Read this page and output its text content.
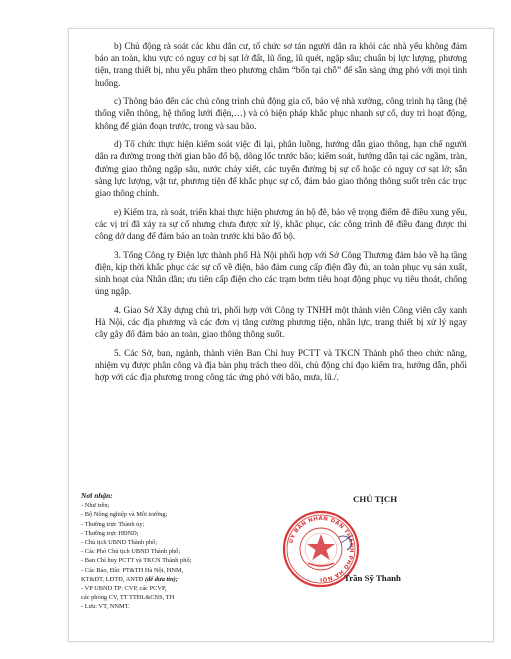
b) Chủ động rà soát các khu dân cư, tổ chức sơ tán người dân ra khỏi các nhà yếu không đảm bảo an toàn, khu vực có nguy cơ bị sạt lở đất, lũ ống, lũ quét, ngập sâu; chuẩn bị lực lượng, phương tiện, trang thiết bị, nhu yếu phẩm theo phương châm “bốn tại chỗ” để sẵn sàng ứng phó với mọi tình huống.

c) Thông báo đến các chủ công trình chủ động gia cố, bảo vệ nhà xưởng, công trình hạ tầng (hệ thống viễn thông, hệ thống lưới điện,…) và có biện pháp khắc phục nhanh sự cố, duy trì hoạt động, không để gián đoạn trước, trong và sau bão.

d) Tổ chức thực hiện kiểm soát việc đi lại, phân luồng, hướng dẫn giao thông, hạn chế người dân ra đường trong thời gian bão đổ bộ, dông lốc trước bão; kiểm soát, hướng dẫn tại các ngầm, tràn, đường giao thông ngập sâu, nước chảy xiết, các tuyến đường bị sự cố hoặc có nguy cơ sạt lở; sẵn sàng lực lượng, vật tư, phương tiện để khắc phục sự cố, đảm bảo giao thông thông suốt trên các trục giao thông chính.

e) Kiểm tra, rà soát, triển khai thực hiện phương án hộ đê, bảo vệ trọng điểm đê điều xung yếu, các vị trí đã xảy ra sự cố nhưng chưa được xử lý, khắc phục, các công trình đê điều đang được thi công dở dang để đảm bảo an toàn trước khi bão đổ bộ.

3. Tổng Công ty Điện lực thành phố Hà Nội phối hợp với Sở Công Thương đảm bảo về hạ tầng điện, kịp thời khắc phục các sự cố về điện, bảo đảm cung cấp điện đầy đủ, an toàn phục vụ sản xuất, sinh hoạt của Nhân dân; ưu tiên cấp điện cho các trạm bơm tiêu hoạt động phục vụ tiêu thoát, chống úng ngập.

4. Giao Sở Xây dựng chủ trì, phối hợp với Công ty TNHH một thành viên Công viên cây xanh Hà Nội, các địa phương và các đơn vị tăng cường phương tiện, nhân lực, trang thiết bị xử lý ngay cây gãy đổ đảm bảo an toàn, giao thông thông suốt.

5. Các Sở, ban, ngành, thành viên Ban Chỉ huy PCTT và TKCN Thành phố theo chức năng, nhiệm vụ được phân công và địa bàn phụ trách theo dõi, chủ động chỉ đạo kiểm tra, hướng dẫn, phối hợp với các địa phương trong công tác ứng phó với bão, mưa, lũ./.

Nơi nhận:
- Như trên;
- Bộ Nông nghiệp và Môi trường;
- Thường trực Thành ủy;
- Thường trực HĐND;
- Chủ tịch UBND Thành phố;
- Các Phó Chủ tịch UBND Thành phố;
- Ban Chỉ huy PCTT và TKCN Thành phố;
- Các Báo, Đài: PT&TH Hà Nội, HNM,
KT&ĐT, LĐTĐ, ANTĐ (để đưa tin);
- VP UBND TP: CVP, các PCVP,
các phòng CV, TT TTĐL&CNS, TH
- Lưu: VT, NNMT.
CHỦ TỊCH
ỦY BAN NHÂN DÂN THÀNH PHỐ HÀ NỘI	Trần Sỹ Thanh
